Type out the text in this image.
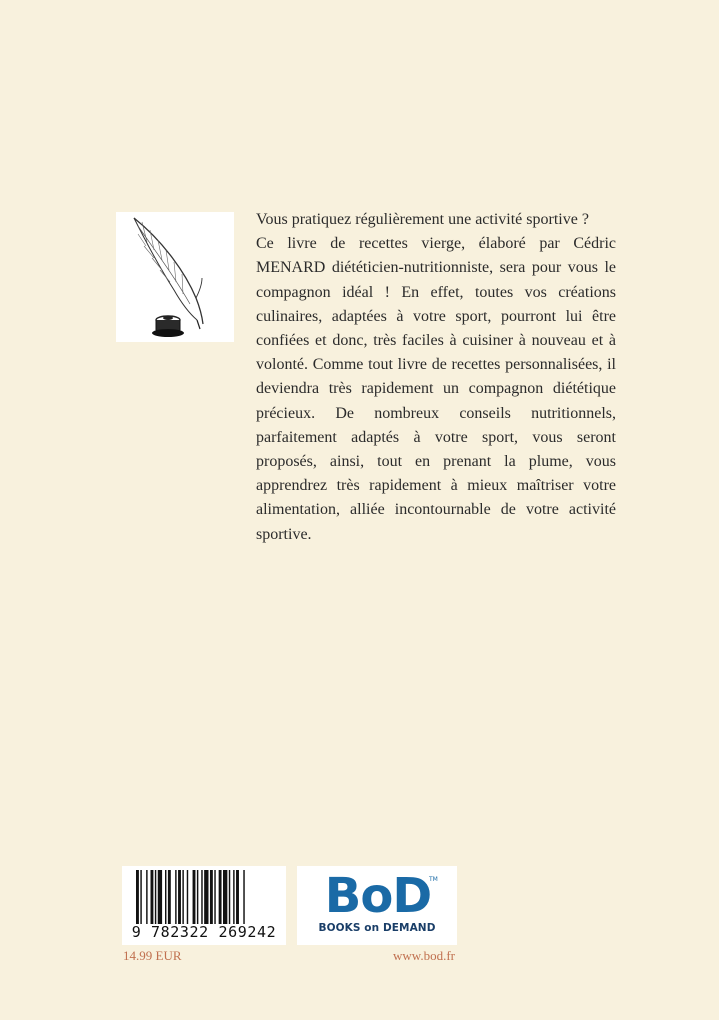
Vous pratiquez régulièrement une activité sportive ?

Ce livre de recettes vierge, élaboré par Cédric MENARD diététicien-nutritionniste, sera pour vous le compagnon idéal ! En effet, toutes vos créations culinaires, adaptées à votre sport, pourront lui être confiées et donc, très faciles à cuisiner à nouveau et à volonté. Comme tout livre de recettes personnalisées, il deviendra très rapidement un compagnon diététique précieux. De nombreux conseils nutritionnels, parfaitement adaptés à votre sport, vous seront proposés, ainsi, tout en prenant la plume, vous apprendrez très rapidement à mieux maîtriser votre alimentation, alliée incontournable de votre activité sportive.

9 782322 269242
BoD
TM
BOOKS on DEMAND
14.99 EUR	www.bod.fr
